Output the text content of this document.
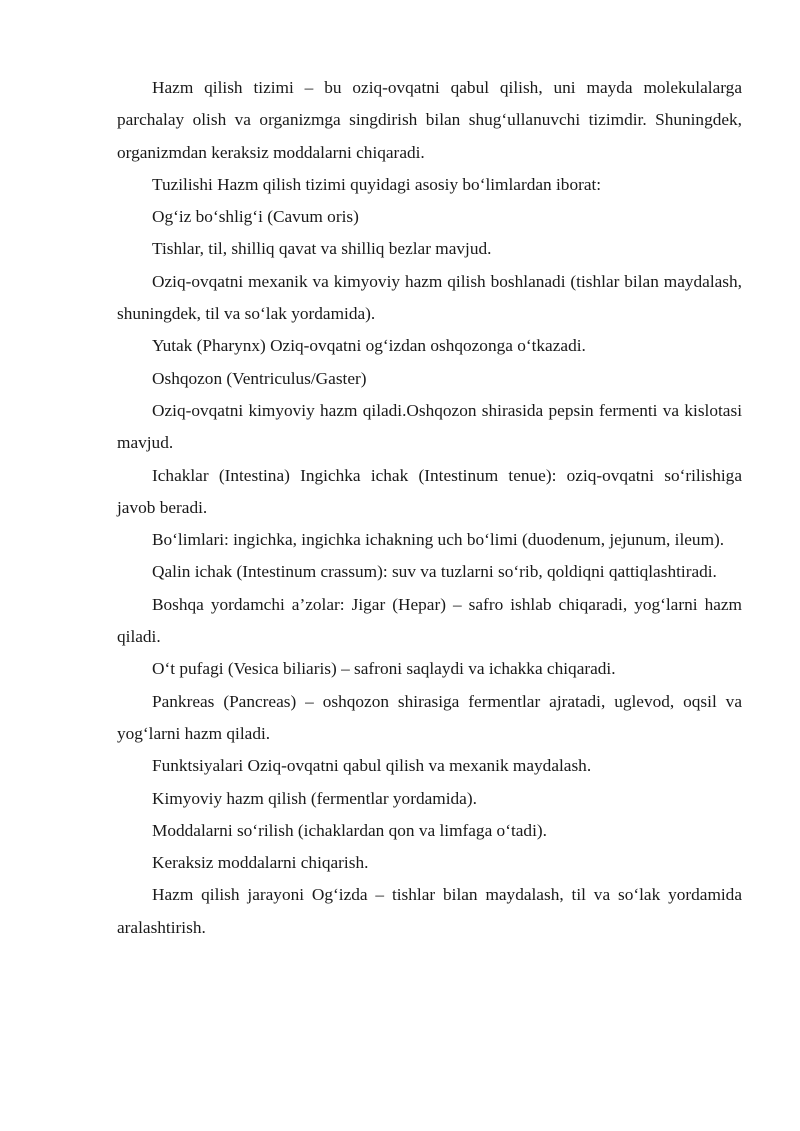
Hazm qilish tizimi – bu oziq-ovqatni qabul qilish, uni mayda molekulalarga parchalay olish va organizmga singdirish bilan shug‘ullanuvchi tizimdir. Shuningdek, organizmdan keraksiz moddalarni chiqaradi.

Tuzilishi Hazm qilish tizimi quyidagi asosiy bo‘limlardan iborat:

Og‘iz bo‘shlig‘i (Cavum oris)

Tishlar, til, shilliq qavat va shilliq bezlar mavjud.

Oziq-ovqatni mexanik va kimyoviy hazm qilish boshlanadi (tishlar bilan maydalash, shuningdek, til va so‘lak yordamida).

Yutak (Pharynx) Oziq-ovqatni og‘izdan oshqozonga o‘tkazadi.

Oshqozon (Ventriculus/Gaster)

Oziq-ovqatni kimyoviy hazm qiladi.Oshqozon shirasida pepsin fermenti va kislotasi mavjud.

Ichaklar (Intestina) Ingichka ichak (Intestinum tenue): oziq-ovqatni so‘rilishiga javob beradi.

Bo‘limlari: ingichka, ingichka ichakning uch bo‘limi (duodenum, jejunum, ileum).

Qalin ichak (Intestinum crassum): suv va tuzlarni so‘rib, qoldiqni qattiqlashtiradi.

Boshqa yordamchi a’zolar: Jigar (Hepar) – safro ishlab chiqaradi, yog‘larni hazm qiladi.

O‘t pufagi (Vesica biliaris) – safroni saqlaydi va ichakka chiqaradi.

Pankreas (Pancreas) – oshqozon shirasiga fermentlar ajratadi, uglevod, oqsil va yog‘larni hazm qiladi.

Funktsiyalari Oziq-ovqatni qabul qilish va mexanik maydalash.

Kimyoviy hazm qilish (fermentlar yordamida).

Moddalarni so‘rilish (ichaklardan qon va limfaga o‘tadi).

Keraksiz moddalarni chiqarish.

Hazm qilish jarayoni Og‘izda – tishlar bilan maydalash, til va so‘lak yordamida aralashtirish.
